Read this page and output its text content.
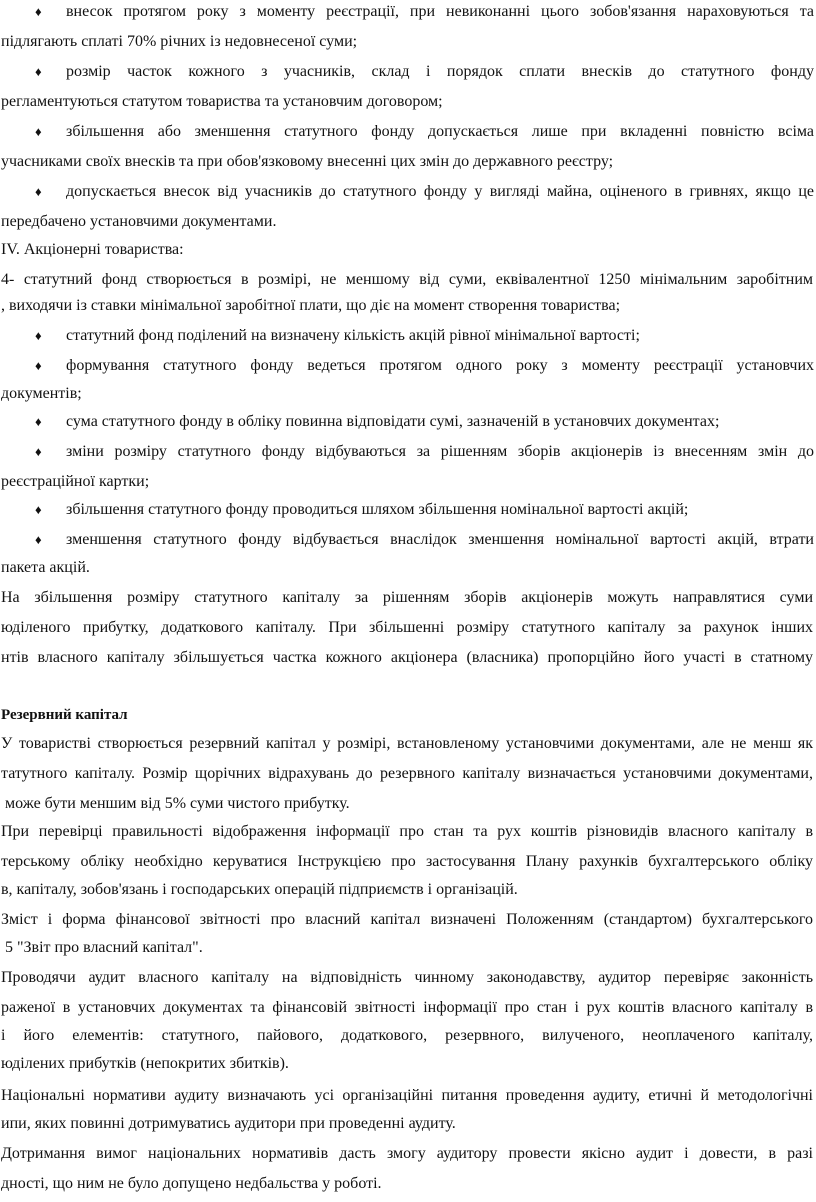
♦ внесок протягом року з моменту реєстрації, при невиконанні цього зобов'язання нараховуються та
підлягають сплаті 70% річних із недовнесеної суми;
♦ розмір часток кожного з учасників, склад і порядок сплати внесків до статутного фонду
регламентуються статутом товариства та установчим договором;
♦ збільшення або зменшення статутного фонду допускається лише при вкладенні повністю всіма
учасниками своїх внесків та при обов'язковому внесенні цих змін до державного реєстру;
♦ допускається внесок від учасників до статутного фонду у вигляді майна, оціненого в гривнях, якщо це
передбачено установчими документами.
IV. Акціонерні товариства:
4- статутний фонд створюється в розмірі, не меншому від суми, еквівалентної 1250 мінімальним заробітним
, виходячи із ставки мінімальної заробітної плати, що діє на момент створення товариства;
♦ статутний фонд поділений на визначену кількість акцій рівної мінімальної вартості;
♦ формування статутного фонду ведеться протягом одного року з моменту реєстрації установчих
документів;
♦ сума статутного фонду в обліку повинна відповідати сумі, зазначеній в установчих документах;
♦ зміни розміру статутного фонду відбуваються за рішенням зборів акціонерів із внесенням змін до
реєстраційної картки;
♦ збільшення статутного фонду проводиться шляхом збільшення номінальної вартості акцій;
♦ зменшення статутного фонду відбувається внаслідок зменшення номінальної вартості акцій, втрати
пакета акцій.
На збільшення розміру статутного капіталу за рішенням зборів акціонерів можуть направлятися суми
юділеного прибутку, додаткового капіталу. При збільшенні розміру статутного капіталу за рахунок інших
нтів власного капіталу збільшується частка кожного акціонера (власника) пропорційно його участі в статному
Резервний капітал
У товаристві створюється резервний капітал у розмірі, встановленому установчими документами, але не менш як
татутного капіталу. Розмір щорічних відрахувань до резервного капіталу визначається установчими документами,
може бути меншим від 5% суми чистого прибутку.
При перевірці правильності відображення інформації про стан та рух коштів різновидів власного капіталу в
терському обліку необхідно керуватися Інструкцією про застосування Плану рахунків бухгалтерського обліку
в, капіталу, зобов'язань і господарських операцій підприємств і організацій.
Зміст і форма фінансової звітності про власний капітал визначені Положенням (стандартом) бухгалтерського
5 "Звіт про власний капітал".
Проводячи аудит власного капіталу на відповідність чинному законодавству, аудитор перевіряє законність
раженої в установчих документах та фінансовій звітності інформації про стан і рух коштів власного капіталу в
і його елементів: статутного, пайового, додаткового, резервного, вилученого, неоплаченого капіталу,
юділених прибутків (непокритих збитків).
Національні нормативи аудиту визначають усі організаційні питання проведення аудиту, етичні й методологічні
ипи, яких повинні дотримуватись аудитори при проведенні аудиту.
Дотримання вимог національних нормативів дасть змогу аудитору провести якісно аудит і довести, в разі
дності, що ним не було допущено недбальства у роботі.
